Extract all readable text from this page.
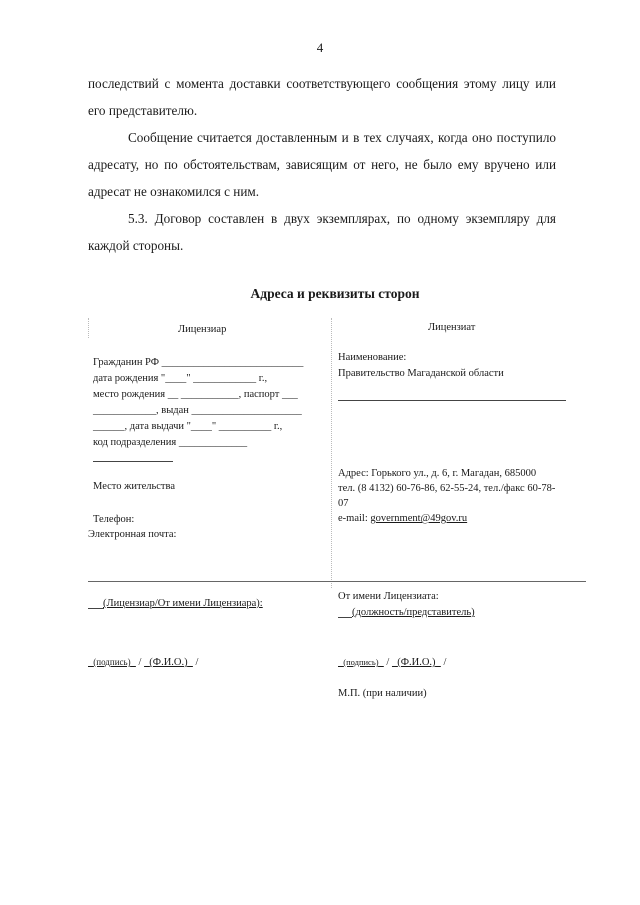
4
последствий с момента доставки соответствующего сообщения этому лицу или его представителю.
Сообщение считается доставленным и в тех случаях, когда оно поступило адресату, но по обстоятельствам, зависящим от него, не было ему вручено или адресат не ознакомился с ним.
5.3. Договор составлен в двух экземплярах, по одному экземпляру для каждой стороны.
Адреса и реквизиты сторон
Лицензиар
Гражданин РФ ___________________________
дата рождения "____" ____________ г.,
место рождения __ ___________, паспорт ___
____________, выдан _____________________
______, дата выдачи "____" __________ г.,
код подразделения _____________
Место жительства
Телефон:
Электронная почта:
Лицензиат
Наименование:
Правительство Магаданской области
Адрес: Горького ул., д. 6, г. Магадан, 685000
тел. (8 4132) 60-76-86, 62-55-24, тел./факс 60-78-
07
e-mail: government@49gov.ru
(Лицензиар/От имени Лицензиара):
(подпись) / (Ф.И.О.) /
От имени Лицензиата:
(должность/представитель)
(подпись) / (Ф.И.О.) /
М.П. (при наличии)
